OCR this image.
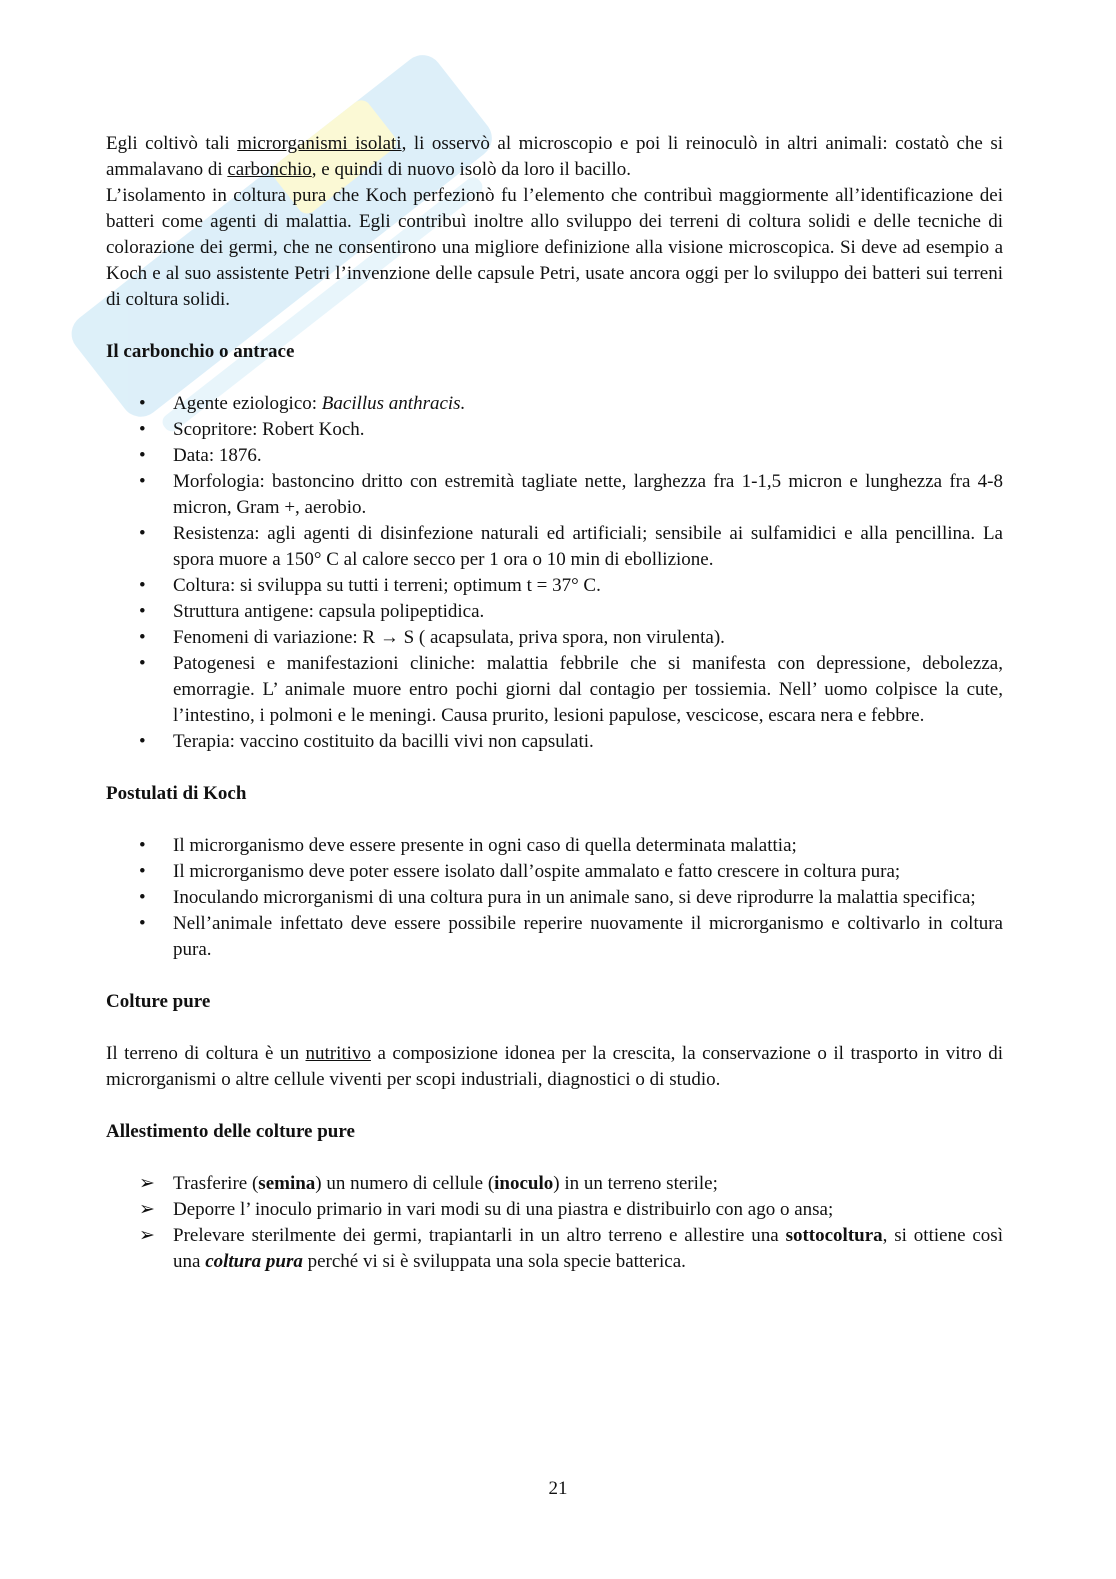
Egli coltivò tali microrganismi isolati, li osservò al microscopio e poi li reinoculò in altri animali: costatò che si ammalavano di carbonchio, e quindi di nuovo isolò da loro il bacillo.

L’isolamento in coltura pura che Koch perfezionò fu l’elemento che contribuì maggiormente all’identificazione dei batteri come agenti di malattia. Egli contribuì inoltre allo sviluppo dei terreni di coltura solidi e delle tecniche di colorazione dei germi, che ne consentirono una migliore definizione alla visione microscopica. Si deve ad esempio a Koch e al suo assistente Petri l’invenzione delle capsule Petri, usate ancora oggi per lo sviluppo dei batteri sui terreni di coltura solidi.

Il carbonchio o antrace
•	Agente eziologico: Bacillus anthracis.
•	Scopritore: Robert Koch.
•	Data: 1876.
•	Morfologia: bastoncino dritto con estremità tagliate nette, larghezza fra 1-1,5 micron e lunghezza fra 4-8 micron, Gram +, aerobio.
•	Resistenza: agli agenti di disinfezione naturali ed artificiali; sensibile ai sulfamidici e alla pencillina. La spora muore a 150° C al calore secco per 1 ora o 10 min di ebollizione.
•	Coltura: si sviluppa su tutti i terreni; optimum t = 37° C.
•	Struttura antigene: capsula polipeptidica.
•	Fenomeni di variazione: R → S ( acapsulata, priva spora, non virulenta).
•	Patogenesi e manifestazioni cliniche: malattia febbrile che si manifesta con depressione, debolezza, emorragie. L’ animale muore entro pochi giorni dal contagio per tossiemia. Nell’ uomo colpisce la cute, l’intestino, i polmoni e le meningi. Causa prurito, lesioni papulose, vescicose, escara nera e febbre.
•	Terapia: vaccino costituito da bacilli vivi non capsulati.
Postulati di Koch
•	Il microrganismo deve essere presente in ogni caso di quella determinata malattia;
•	Il microrganismo deve poter essere isolato dall’ospite ammalato e fatto crescere in coltura pura;
•	Inoculando microrganismi di una coltura pura in un animale sano, si deve riprodurre la malattia specifica;
•	Nell’animale infettato deve essere possibile reperire nuovamente il microrganismo e coltivarlo in coltura pura.
Colture pure

Il terreno di coltura è un nutritivo a composizione idonea per la crescita, la conservazione o il trasporto in vitro di microrganismi o altre cellule viventi per scopi industriali, diagnostici o di studio.

Allestimento delle colture pure
➢ Trasferire (semina) un numero di cellule (inoculo) in un terreno sterile;
➢ Deporre l’ inoculo primario in vari modi su di una piastra e distribuirlo con ago o ansa;
➢ Prelevare sterilmente dei germi, trapiantarli in un altro terreno e allestire una sottocoltura, si ottiene così una coltura pura perché vi si è sviluppata una sola specie batterica.
21
